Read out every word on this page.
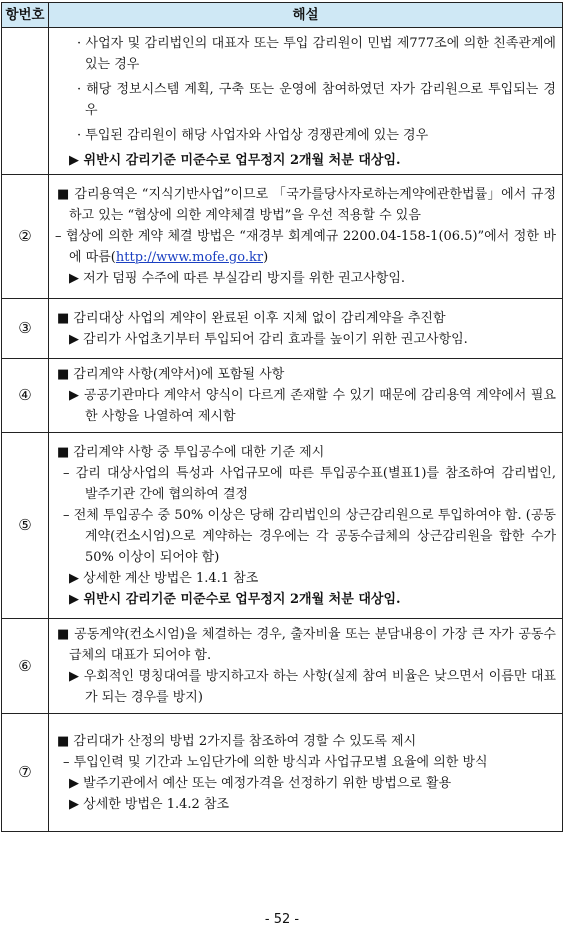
항번호	해설

	· 사업자 및 감리법인의 대표자 또는 투입 감리원이 민법 제777조에 의한 친족관계에 있는 경우
· 해당 정보시스템 계획, 구축 또는 운영에 참여하였던 자가 감리원으로 투입되는 경우
· 투입된 감리원이 해당 사업자와 사업상 경쟁관계에 있는 경우
▶ 위반시 감리기준 미준수로 업무정지 2개월 처분 대상임.

②	■ 감리용역은 “지식기반사업”이므로 「국가를당사자로하는계약에관한법률」에서 규정하고 있는 “협상에 의한 계약체결 방법”을 우선 적용할 수 있음
– 협상에 의한 계약 체결 방법은 “재경부 회계예규 2200.04-158-1(06.5)”에서 정한 바에 따름(http://www.mofe.go.kr)
▶ 저가 덤핑 수주에 따른 부실감리 방지를 위한 권고사항임.

③	■ 감리대상 사업의 계약이 완료된 이후 지체 없이 감리계약을 추진함
▶ 감리가 사업초기부터 투입되어 감리 효과를 높이기 위한 권고사항임.

④	■ 감리계약 사항(계약서)에 포함될 사항
▶ 공공기관마다 계약서 양식이 다르게 존재할 수 있기 때문에 감리용역 계약에서 필요한 사항을 나열하여 제시함

⑤	■ 감리계약 사항 중 투입공수에 대한 기준 제시
– 감리 대상사업의 특성과 사업규모에 따른 투입공수표(별표1)를 참조하여 감리법인, 발주기관 간에 협의하여 결정
– 전체 투입공수 중 50% 이상은 당해 감리법인의 상근감리원으로 투입하여야 함. (공동계약(컨소시엄)으로 계약하는 경우에는 각 공동수급체의 상근감리원을 합한 수가 50% 이상이 되어야 함)
▶ 상세한 계산 방법은 1.4.1 참조
▶ 위반시 감리기준 미준수로 업무정지 2개월 처분 대상임.

⑥	■ 공동계약(컨소시엄)을 체결하는 경우, 출자비율 또는 분담내용이 가장 큰 자가 공동수급체의 대표가 되어야 함.
▶ 우회적인 명칭대여를 방지하고자 하는 사항(실제 참여 비율은 낮으면서 이름만 대표가 되는 경우를 방지)

⑦	■ 감리대가 산정의 방법 2가지를 참조하여 경할 수 있도록 제시
– 투입인력 및 기간과 노임단가에 의한 방식과 사업규모별 요율에 의한 방식
▶ 발주기관에서 예산 또는 예정가격을 선정하기 위한 방법으로 활용
▶ 상세한 방법은 1.4.2 참조
- 52 -
